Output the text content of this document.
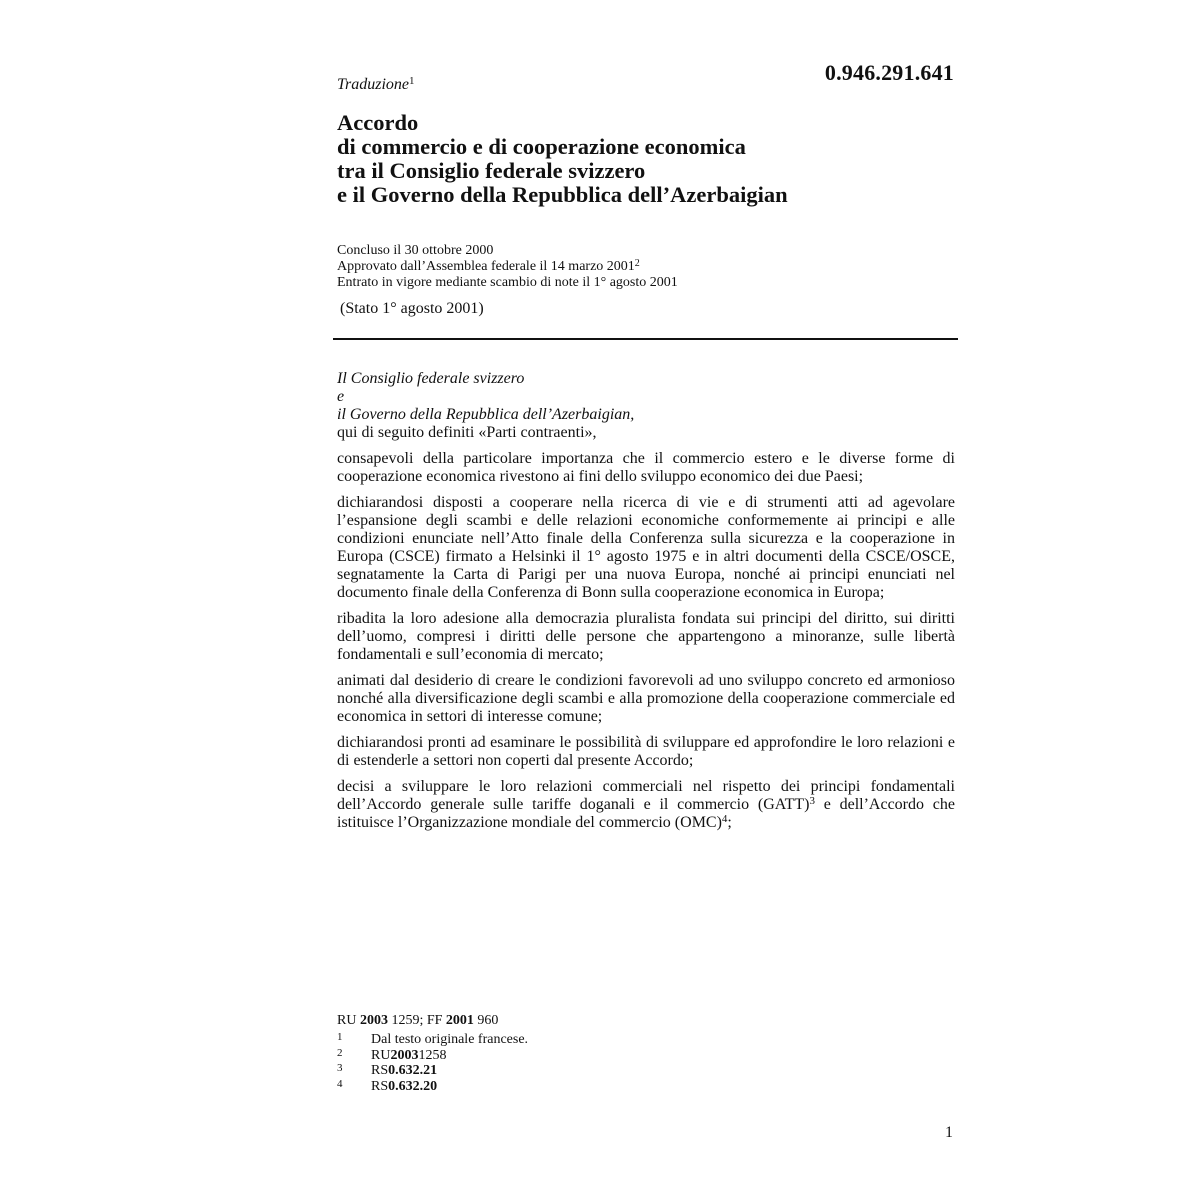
Traduzione$^1$	0.946.291.641
Accordo
di commercio e di cooperazione economica
tra il Consiglio federale svizzero
e il Governo della Repubblica dell’Azerbaigian
Concluso il 30 ottobre 2000
Approvato dall’Assemblea federale il 14 marzo 2001$^2$
Entrato in vigore mediante scambio di note il 1° agosto 2001
(Stato 1° agosto 2001)
Il Consiglio federale svizzero
e
il Governo della Repubblica dell’Azerbaigian,
qui di seguito definiti «Parti contraenti»,

consapevoli della particolare importanza che il commercio estero e le diverse forme di cooperazione economica rivestono ai fini dello sviluppo economico dei due Paesi;

dichiarandosi disposti a cooperare nella ricerca di vie e di strumenti atti ad agevolare l’espansione degli scambi e delle relazioni economiche conformemente ai principi e alle condizioni enunciate nell’Atto finale della Conferenza sulla sicurezza e la cooperazione in Europa (CSCE) firmato a Helsinki il 1° agosto 1975 e in altri documenti della CSCE/OSCE, segnatamente la Carta di Parigi per una nuova Europa, nonché ai principi enunciati nel documento finale della Conferenza di Bonn sulla cooperazione economica in Europa;

ribadita la loro adesione alla democrazia pluralista fondata sui principi del diritto, sui diritti dell’uomo, compresi i diritti delle persone che appartengono a minoranze, sulle libertà fondamentali e sull’economia di mercato;

animati dal desiderio di creare le condizioni favorevoli ad uno sviluppo concreto ed armonioso nonché alla diversificazione degli scambi e alla promozione della cooperazione commerciale ed economica in settori di interesse comune;

dichiarandosi pronti ad esaminare le possibilità di sviluppare ed approfondire le loro relazioni e di estenderle a settori non coperti dal presente Accordo;

decisi a sviluppare le loro relazioni commerciali nel rispetto dei principi fondamentali dell’Accordo generale sulle tariffe doganali e il commercio (GATT)$^3$ e dell’Accordo che istituisce l’Organizzazione mondiale del commercio (OMC)$^4$;

RU 2003 1259; FF 2001 960
1	Dal testo originale francese.
2	RU 2003 1258
3	RS 0.632.21
4	RS 0.632.20
1
